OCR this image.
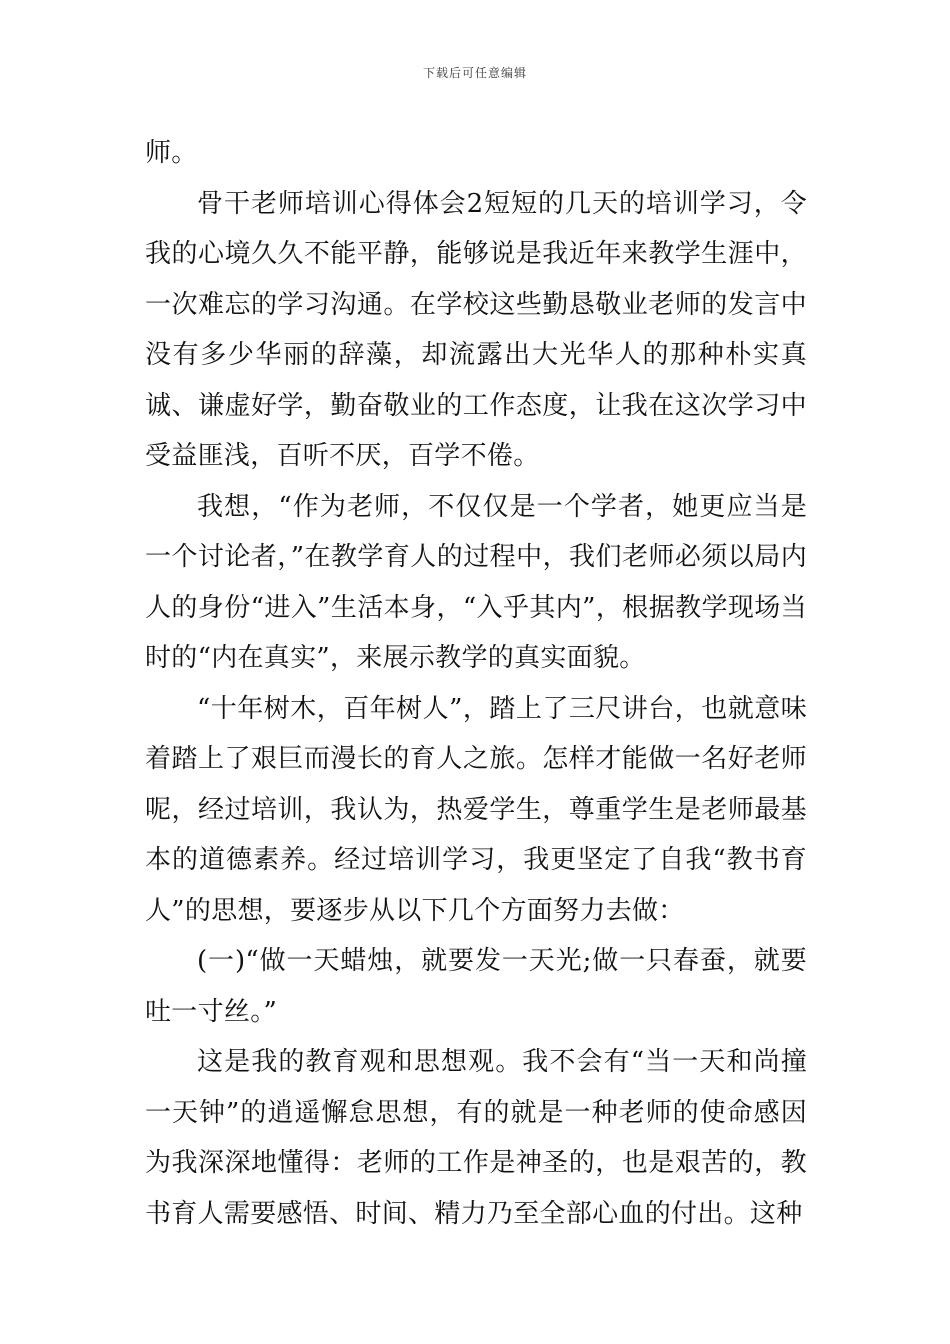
下载后可任意编辑

师。

骨干老师培训心得体会2短短的几天的培训学习，令我的心境久久不能平静，能够说是我近年来教学生涯中，一次难忘的学习沟通。在学校这些勤恳敬业老师的发言中没有多少华丽的辞藻，却流露出大光华人的那种朴实真诚、谦虚好学，勤奋敬业的工作态度，让我在这次学习中受益匪浅，百听不厌，百学不倦。

我想，“作为老师，不仅仅是一个学者，她更应当是一个讨论者，”在教学育人的过程中，我们老师必须以局内人的身份“进入”生活本身，“入乎其内”，根据教学现场当时的“内在真实”，来展示教学的真实面貌。

“十年树木，百年树人”，踏上了三尺讲台，也就意味着踏上了艰巨而漫长的育人之旅。怎样才能做一名好老师呢，经过培训，我认为，热爱学生，尊重学生是老师最基本的道德素养。经过培训学习，我更坚定了自我“教书育人”的思想，要逐步从以下几个方面努力去做：

(一)“做一天蜡烛，就要发一天光;做一只春蚕，就要吐一寸丝。”

这是我的教育观和思想观。我不会有“当一天和尚撞一天钟”的逍遥懈怠思想，有的就是一种老师的使命感因为我深深地懂得：老师的工作是神圣的，也是艰苦的，教书育人需要感悟、时间、精力乃至全部心血的付出。这种
